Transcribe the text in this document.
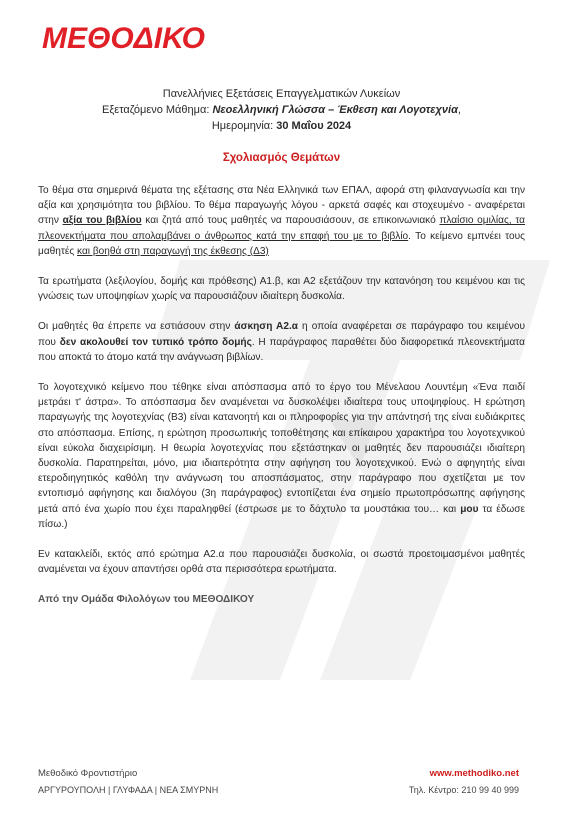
ΜΕΘΟΔΙΚΟ
Πανελλήνιες Εξετάσεις Επαγγελματικών Λυκείων
Εξεταζόμενο Μάθημα: Νεοελληνική Γλώσσα – Έκθεση και Λογοτεχνία,
Ημερομηνία: 30 Μαΐου 2024
Σχολιασμός Θεμάτων

Το θέμα στα σημερινά θέματα της εξέτασης στα Νέα Ελληνικά των ΕΠΑΛ, αφορά στη φιλαναγνωσία και την αξία και χρησιμότητα του βιβλίου. Το θέμα παραγωγής λόγου - αρκετά σαφές και στοχευμένο - αναφέρεται στην αξία του βιβλίου και ζητά από τους μαθητές να παρουσιάσουν, σε επικοινωνιακό πλαίσιο ομιλίας, τα πλεονεκτήματα που απολαμβάνει ο άνθρωπος κατά την επαφή του με το βιβλίο. Το κείμενο εμπνέει τους μαθητές και βοηθά στη παραγωγή της έκθεσης (Δ3)

Τα ερωτήματα (λεξιλογίου, δομής και πρόθεσης) Α1.β, και Α2 εξετάζουν την κατανόηση του κειμένου και τις γνώσεις των υποψηφίων χωρίς να παρουσιάζουν ιδιαίτερη δυσκολία.

Οι μαθητές θα έπρεπε να εστιάσουν στην άσκηση Α2.α η οποία αναφέρεται σε παράγραφο του κειμένου που δεν ακολουθεί τον τυπικό τρόπο δομής. Η παράγραφος παραθέτει δύο διαφορετικά πλεονεκτήματα που αποκτά το άτομο κατά την ανάγνωση βιβλίων.

Το λογοτεχνικό κείμενο που τέθηκε είναι απόσπασμα από το έργο του Μένελαου Λουντέμη «Ένα παιδί μετράει τ' άστρα». Το απόσπασμα δεν αναμένεται να δυσκολέψει ιδιαίτερα τους υποψηφίους. Η ερώτηση παραγωγής της λογοτεχνίας (Β3) είναι κατανοητή και οι πληροφορίες για την απάντησή της είναι ευδιάκριτες στο απόσπασμα. Επίσης, η ερώτηση προσωπικής τοποθέτησης και επίκαιρου χαρακτήρα του λογοτεχνικού είναι εύκολα διαχειρίσιμη. Η θεωρία λογοτεχνίας που εξετάστηκαν οι μαθητές δεν παρουσιάζει ιδιαίτερη δυσκολία. Παρατηρείται, μόνο, μια ιδιαιτερότητα στην αφήγηση του λογοτεχνικού. Ενώ ο αφηγητής είναι ετεροδιηγητικός καθόλη την ανάγνωση του αποσπάσματος, στην παράγραφο που σχετίζεται με τον εντοπισμό αφήγησης και διαλόγου (3η παράγραφος) εντοπίζεται ένα σημείο πρωτοπρόσωπης αφήγησης μετά από ένα χωρίο που έχει παραληφθεί (έστρωσε με το δάχτυλο τα μουστάκια του… και μου τα έδωσε πίσω.)

Εν κατακλείδι, εκτός από ερώτημα Α2.α που παρουσιάζει δυσκολία, οι σωστά προετοιμασμένοι μαθητές αναμένεται να έχουν απαντήσει ορθά στα περισσότερα ερωτήματα.

Από την Ομάδα Φιλολόγων του ΜΕΘΟΔΙΚΟΥ

Μεθοδικό Φροντιστήριο
ΑΡΓΥΡΟΥΠΟΛΗ | ΓΛΥΦΑΔΑ | ΝΕΑ ΣΜΥΡΝΗ
www.methodiko.net
Τηλ. Κέντρο: 210 99 40 999
